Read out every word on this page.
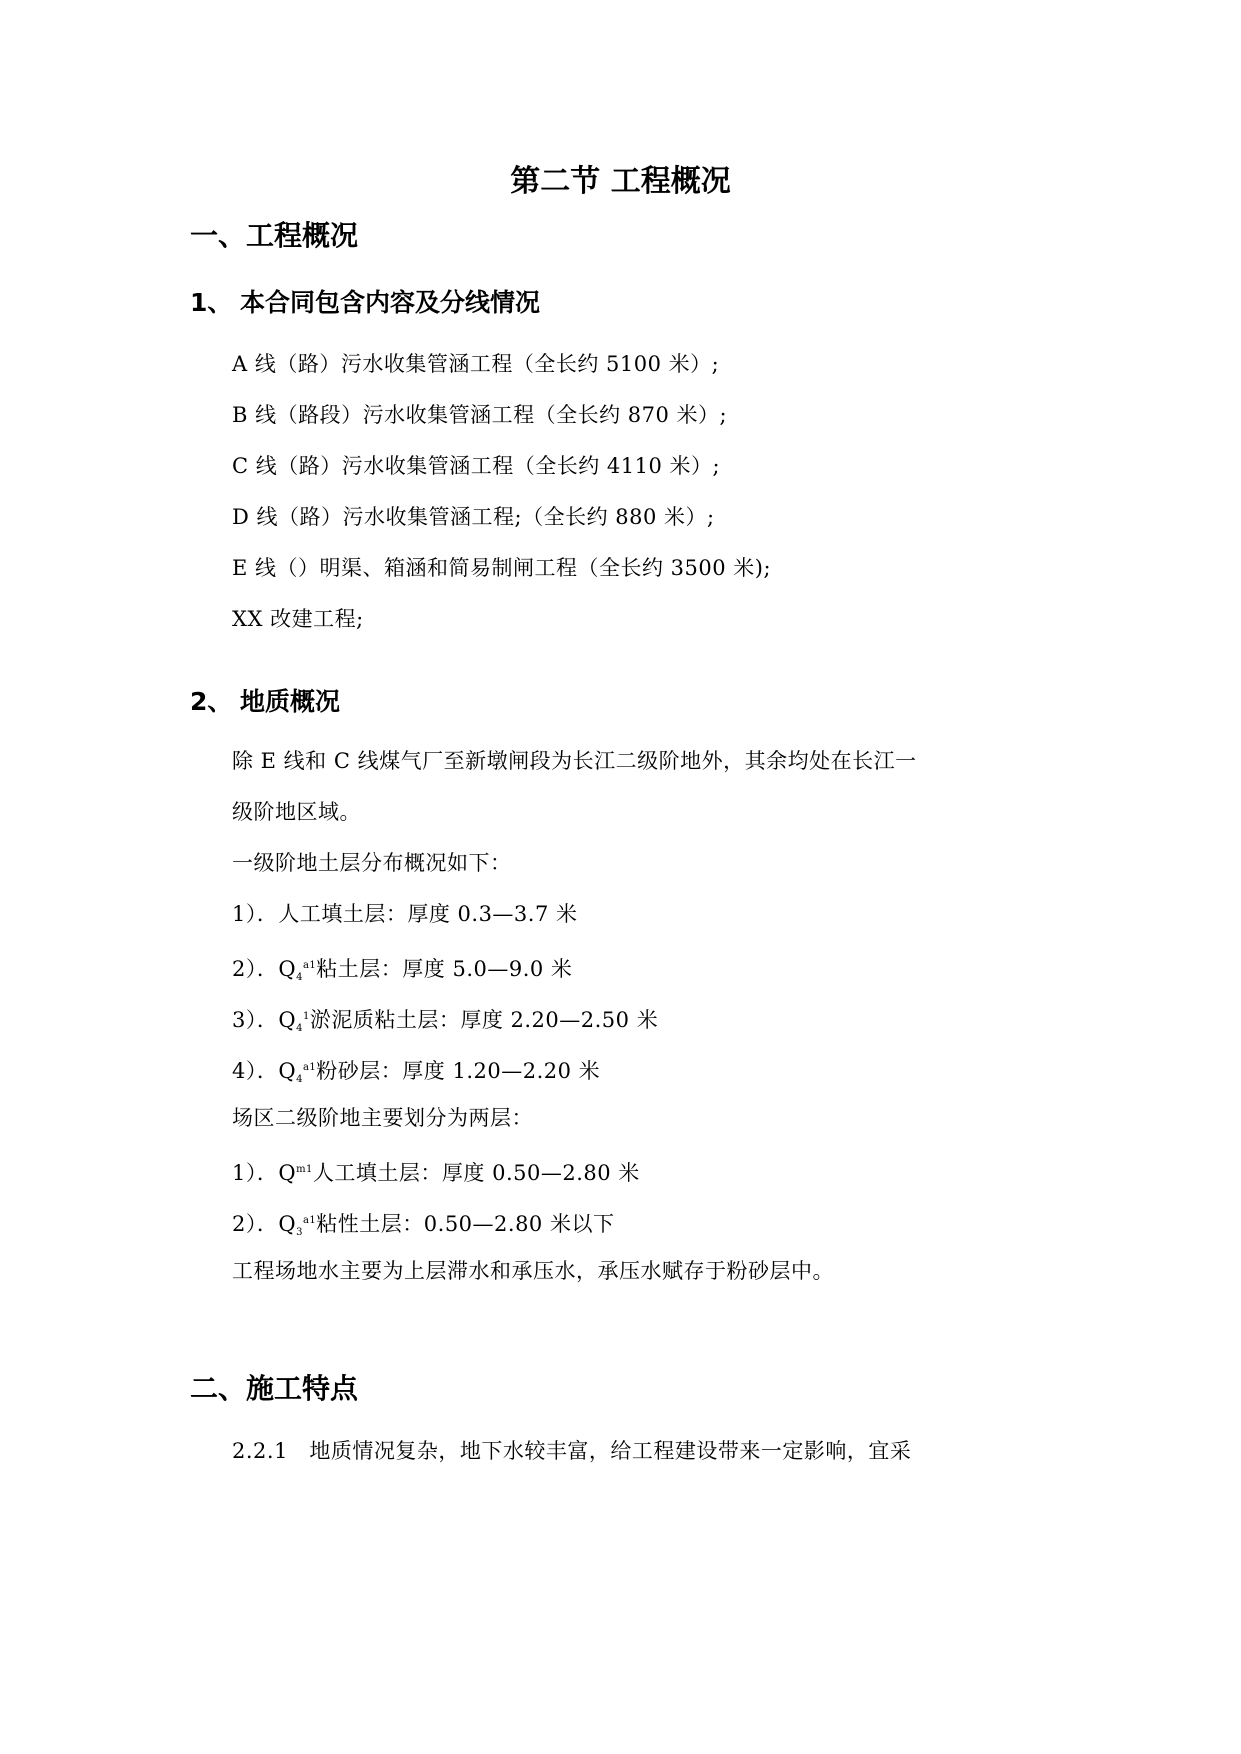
第二节 工程概况
一、工程概况
1、 本合同包含内容及分线情况
A 线（路）污水收集管涵工程（全长约 5100 米）;
B 线（路段）污水收集管涵工程（全长约 870 米）;
C 线（路）污水收集管涵工程（全长约 4110 米）;
D 线（路）污水收集管涵工程;（全长约 880 米）;
E 线（）明渠、箱涵和简易制闸工程（全长约 3500 米);
XX 改建工程;
2、 地质概况
除 E 线和 C 线煤气厂至新墩闸段为长江二级阶地外，其余均处在长江一
级阶地区域。
一级阶地土层分布概况如下：
1）．人工填土层：厚度 0.3—3.7 米
2）．$Q_4^{a1}$粘土层：厚度 5.0—9.0 米
3）．$Q_4^1$淤泥质粘土层：厚度 2.20—2.50 米
4）．$Q_4^{a1}$粉砂层：厚度 1.20—2.20 米
场区二级阶地主要划分为两层：
1）．$Q^{m1}$人工填土层：厚度 0.50—2.80 米
2）．$Q_3^{a1}$粘性土层：0.50—2.80 米以下
工程场地水主要为上层滞水和承压水，承压水赋存于粉砂层中。
二、施工特点
2.2.1　地质情况复杂，地下水较丰富，给工程建设带来一定影响，宜采
